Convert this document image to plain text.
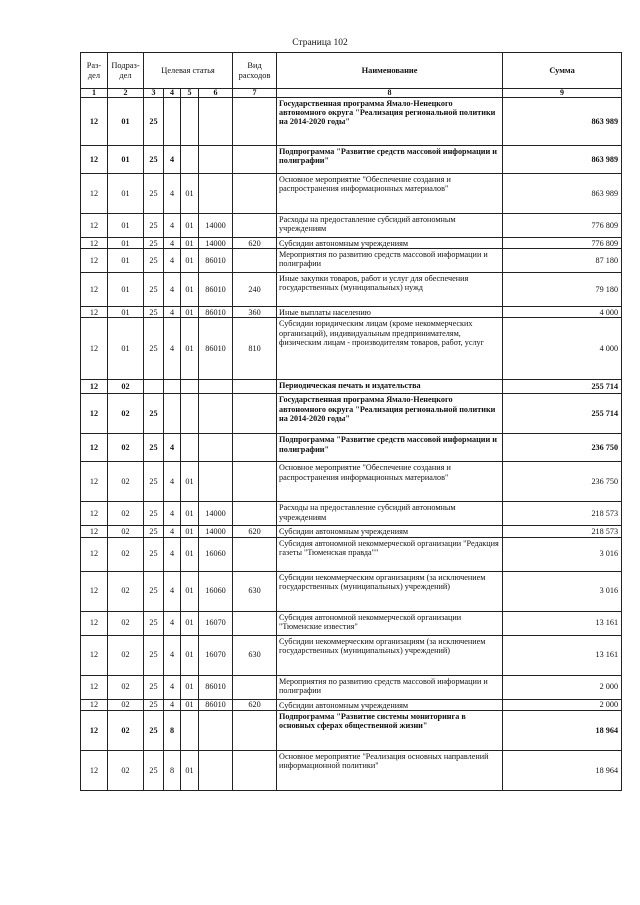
Страница 102
Раз-дел	Подраз-дел	Целевая статья				Вид расходов	Наименование	Сумма
1	2	3	4	5	6	7	8	9
12	01	25					Государственная программа Ямало-Ненецкого автономного округа "Реализация региональной политики на 2014-2020 годы"	863 989
12	01	25	4				Подпрограмма "Развитие средств массовой информации и полиграфии"	863 989
12	01	25	4	01			Основное мероприятие "Обеспечение создания и распространения информационных материалов"	863 989
12	01	25	4	01	14000		Расходы на предоставление субсидий автономным учреждениям	776 809
12	01	25	4	01	14000	620	Субсидии автономным учреждениям	776 809
12	01	25	4	01	86010		Мероприятия по развитию средств массовой информации и полиграфии	87 180
12	01	25	4	01	86010	240	Иные закупки товаров, работ и услуг для обеспечения государственных (муниципальных) нужд	79 180
12	01	25	4	01	86010	360	Иные выплаты населению	4 000
12	01	25	4	01	86010	810	Субсидии юридическим лицам (кроме некоммерческих организаций), индивидуальным предпринимателям, физическим лицам - производителям товаров, работ, услуг	4 000
12	02						Периодическая печать и издательства	255 714
12	02	25					Государственная программа Ямало-Ненецкого автономного округа "Реализация региональной политики на 2014-2020 годы"	255 714
12	02	25	4				Подпрограмма "Развитие средств массовой информации и полиграфии"	236 750
12	02	25	4	01			Основное мероприятие "Обеспечение создания и распространения информационных материалов"	236 750
12	02	25	4	01	14000		Расходы на предоставление субсидий автономным учреждениям	218 573
12	02	25	4	01	14000	620	Субсидии автономным учреждениям	218 573
12	02	25	4	01	16060		Субсидия автономной некоммерческой организации "Редакция газеты "Тюменская правда""	3 016
12	02	25	4	01	16060	630	Субсидии некоммерческим организациям (за исключением государственных (муниципальных) учреждений)	3 016
12	02	25	4	01	16070		Субсидия автономной некоммерческой организации "Тюменские известия"	13 161
12	02	25	4	01	16070	630	Субсидии некоммерческим организациям (за исключением государственных (муниципальных) учреждений)	13 161
12	02	25	4	01	86010		Мероприятия по развитию средств массовой информации и полиграфии	2 000
12	02	25	4	01	86010	620	Субсидии автономным учреждениям	2 000
12	02	25	8				Подпрограмма "Развитие системы мониторинга в основных сферах общественной жизни"	18 964
12	02	25	8	01			Основное мероприятие "Реализация основных направлений информационной политики"	18 964
